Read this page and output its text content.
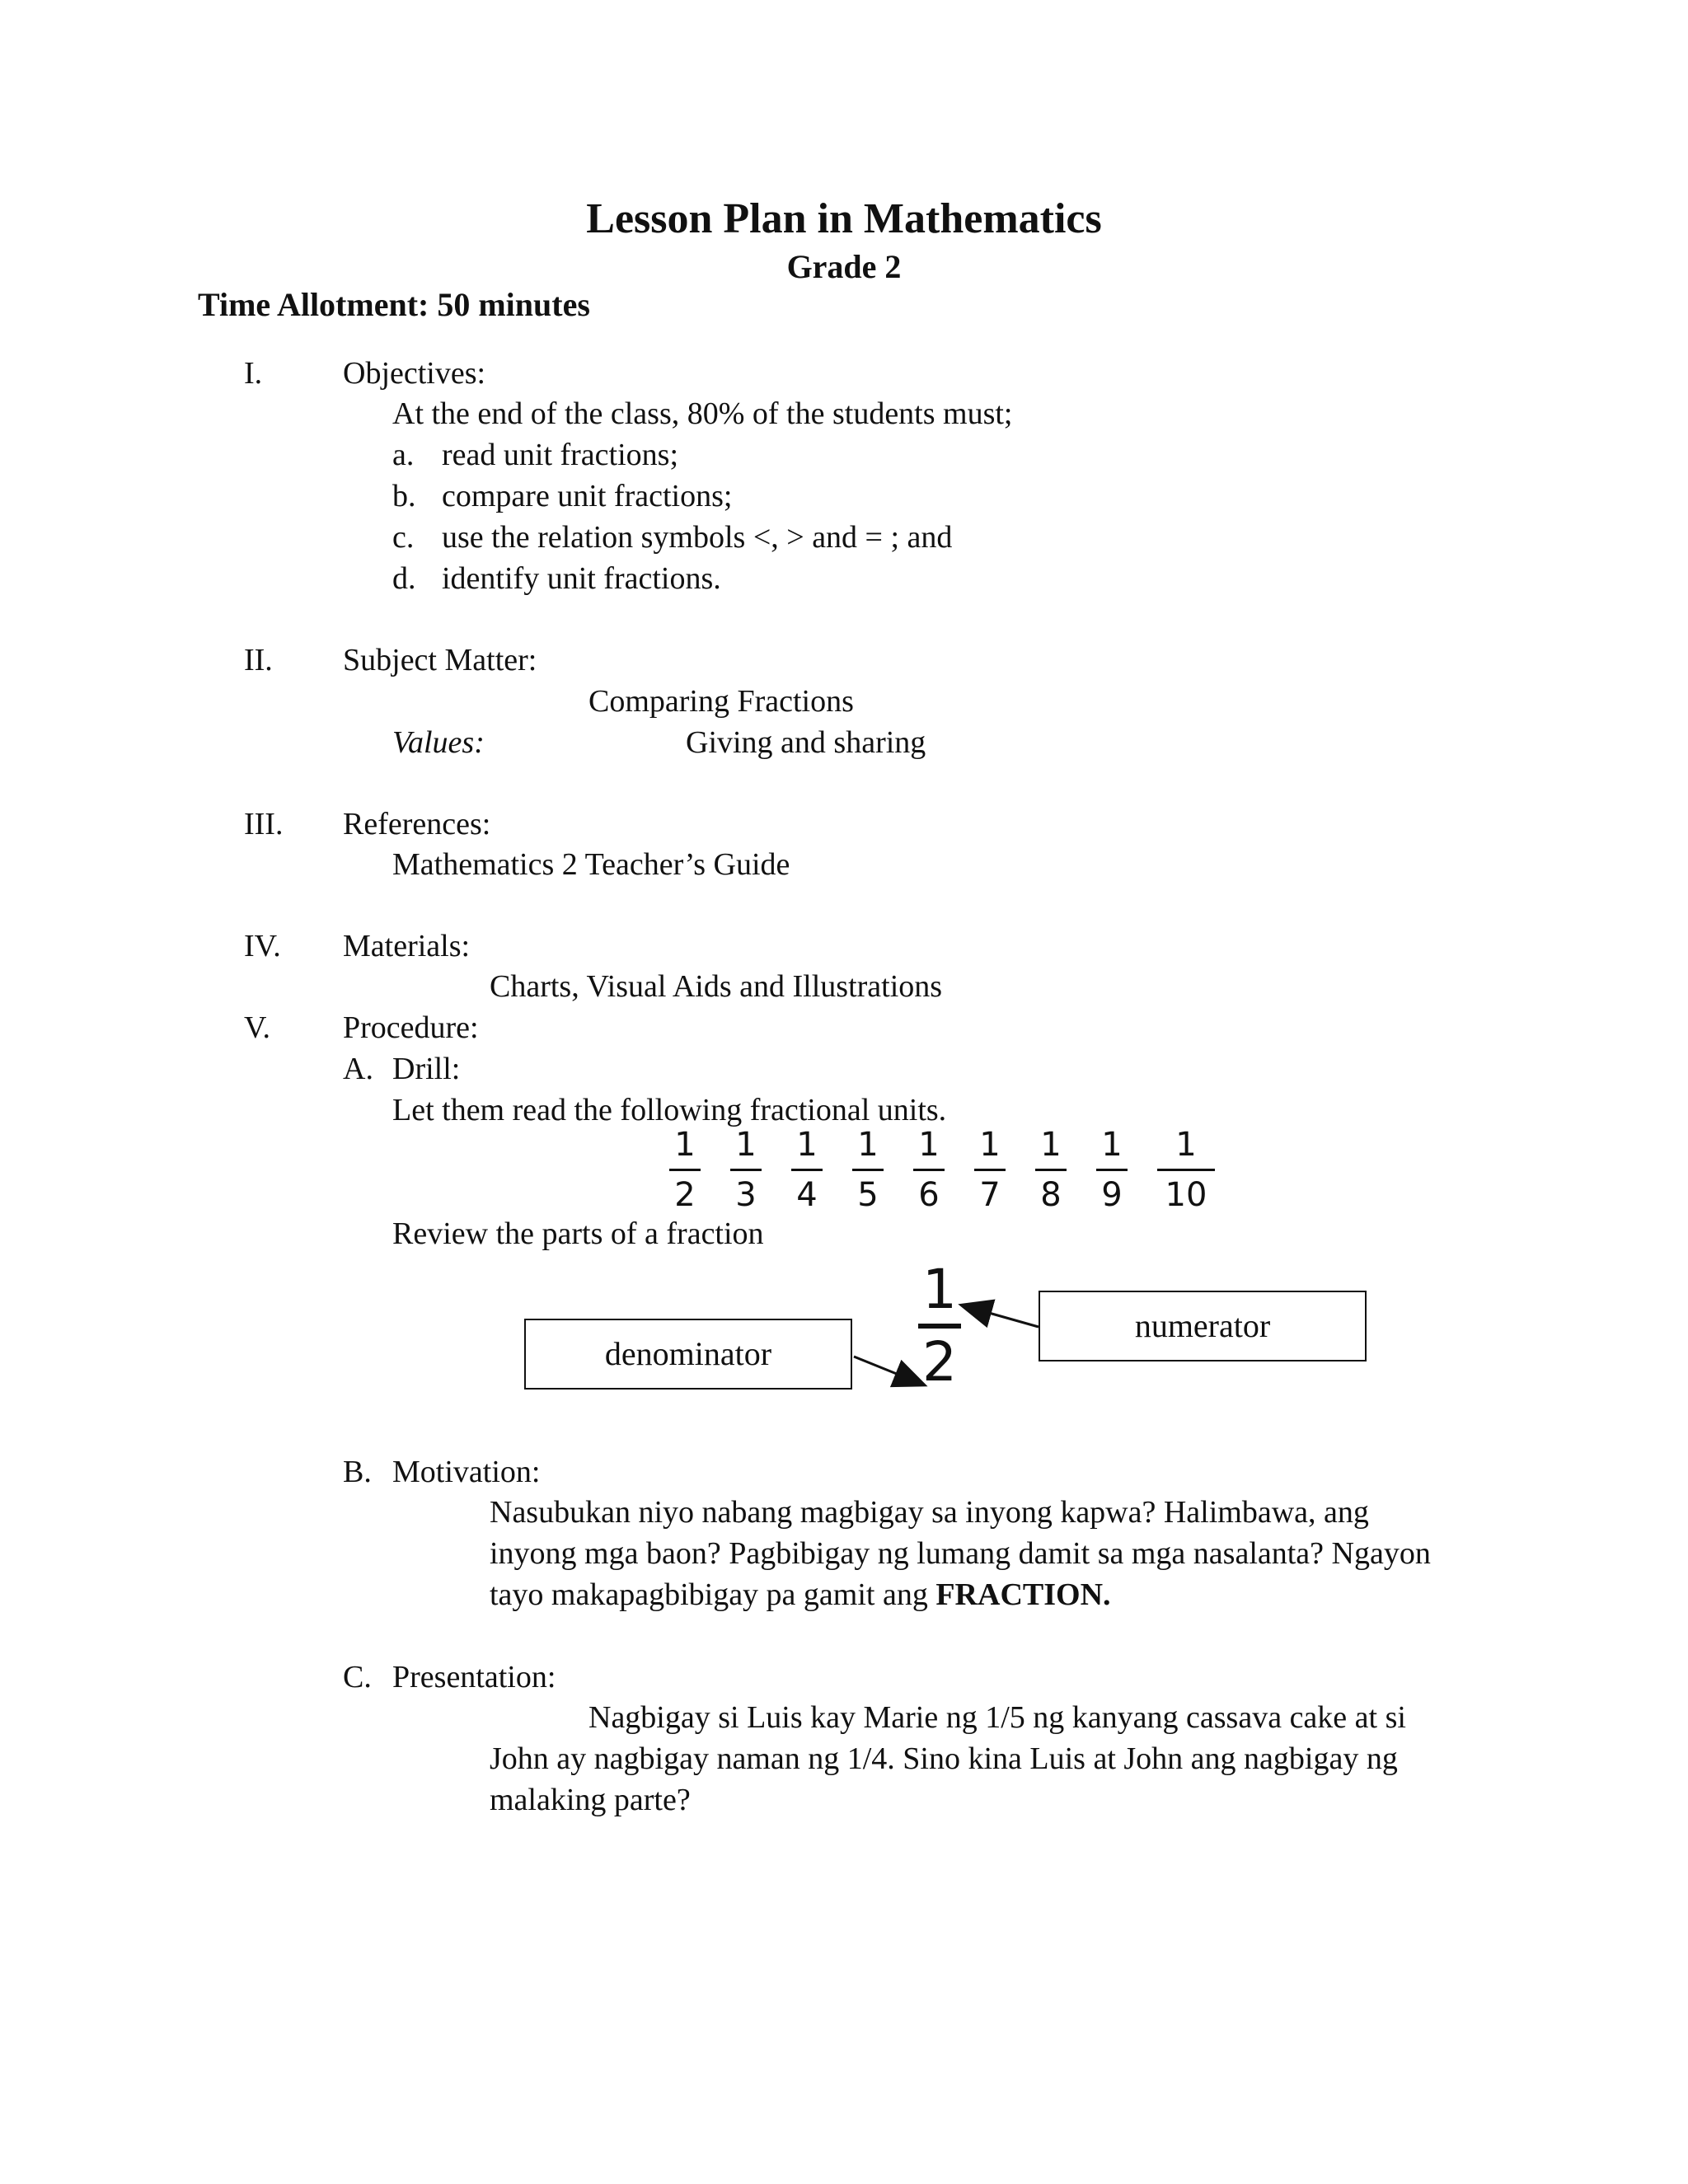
Lesson Plan in Mathematics
Grade 2
Time Allotment: 50 minutes
I.	Objectives:
At the end of the class, 80% of the students must;
a. read unit fractions;
b. compare unit fractions;
c. use the relation symbols <, > and = ; and
d. identify unit fractions.
II. Subject Matter:
Comparing Fractions
Values:	Giving and sharing
III. References:
Mathematics 2 Teacher’s Guide
IV. Materials:
Charts, Visual Aids and Illustrations
V. Procedure:
A. Drill:
Let them read the following fractional units.
1
2
1
3
1
4
1
5
1
6
1
7
1
8
1
9
1
10
Review the parts of a fraction
denominator
numerator
1
2
B. Motivation:
Nasubukan niyo nabang magbigay sa inyong kapwa? Halimbawa, ang inyong mga baon? Pagbibigay ng lumang damit sa mga nasalanta? Ngayon tayo makapagbibigay pa gamit ang FRACTION.
C. Presentation:
Nagbigay si Luis kay Marie ng 1/5 ng kanyang cassava cake at si John ay nagbigay naman ng 1/4. Sino kina Luis at John ang nagbigay ng malaking parte?
